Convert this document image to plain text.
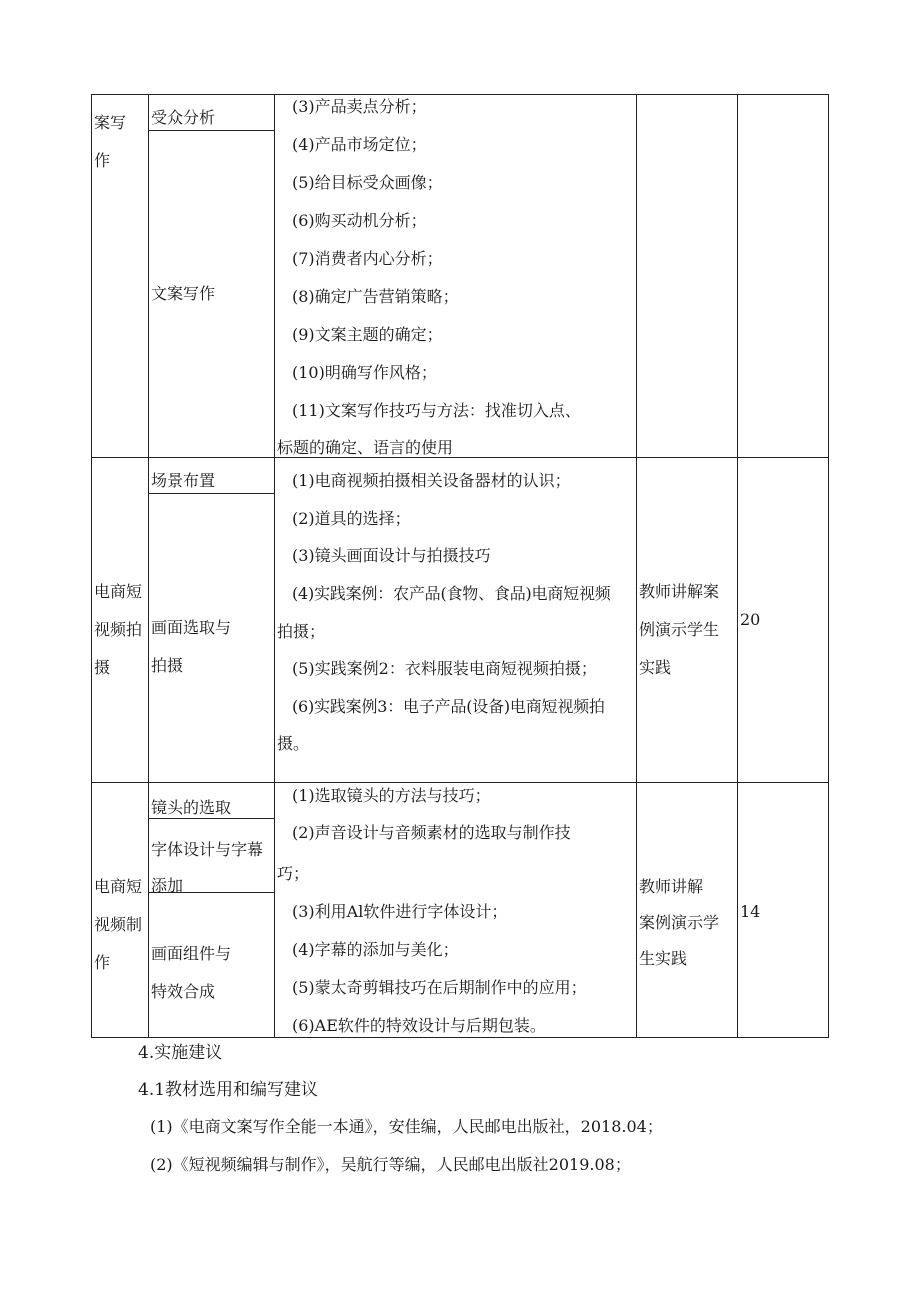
案写
作
受众分析
文案写作
(3)产品卖点分析；
(4)产品市场定位；
(5)给目标受众画像；
(6)购买动机分析；
(7)消费者内心分析；
(8)确定广告营销策略；
(9)文案主题的确定；
(10)明确写作风格；
(11)文案写作技巧与方法：找准切入点、
标题的确定、语言的使用
电商短
视频拍
摄
场景布置
画面选取与
拍摄
(1)电商视频拍摄相关设备器材的认识；
(2)道具的选择；
(3)镜头画面设计与拍摄技巧
(4)实践案例：农产品(食物、食品)电商短视频
拍摄；
(5)实践案例2：衣料服装电商短视频拍摄；
(6)实践案例3：电子产品(设备)电商短视频拍
摄。
教师讲解案
例演示学生
实践
20
电商短
视频制
作
镜头的选取
字体设计与字幕
添加
画面组件与
特效合成
(1)选取镜头的方法与技巧；
(2)声音设计与音频素材的选取与制作技
巧；
(3)利用Al软件进行字体设计；
(4)字幕的添加与美化；
(5)蒙太奇剪辑技巧在后期制作中的应用；
(6)AE软件的特效设计与后期包装。
教师讲解
案例演示学
生实践
14
4.实施建议
4.1教材选用和编写建议
(1)《电商文案写作全能一本通》，安佳编，人民邮电出版社，2018.04；
(2)《短视频编辑与制作》，吴航行等编，人民邮电出版社2019.08；
